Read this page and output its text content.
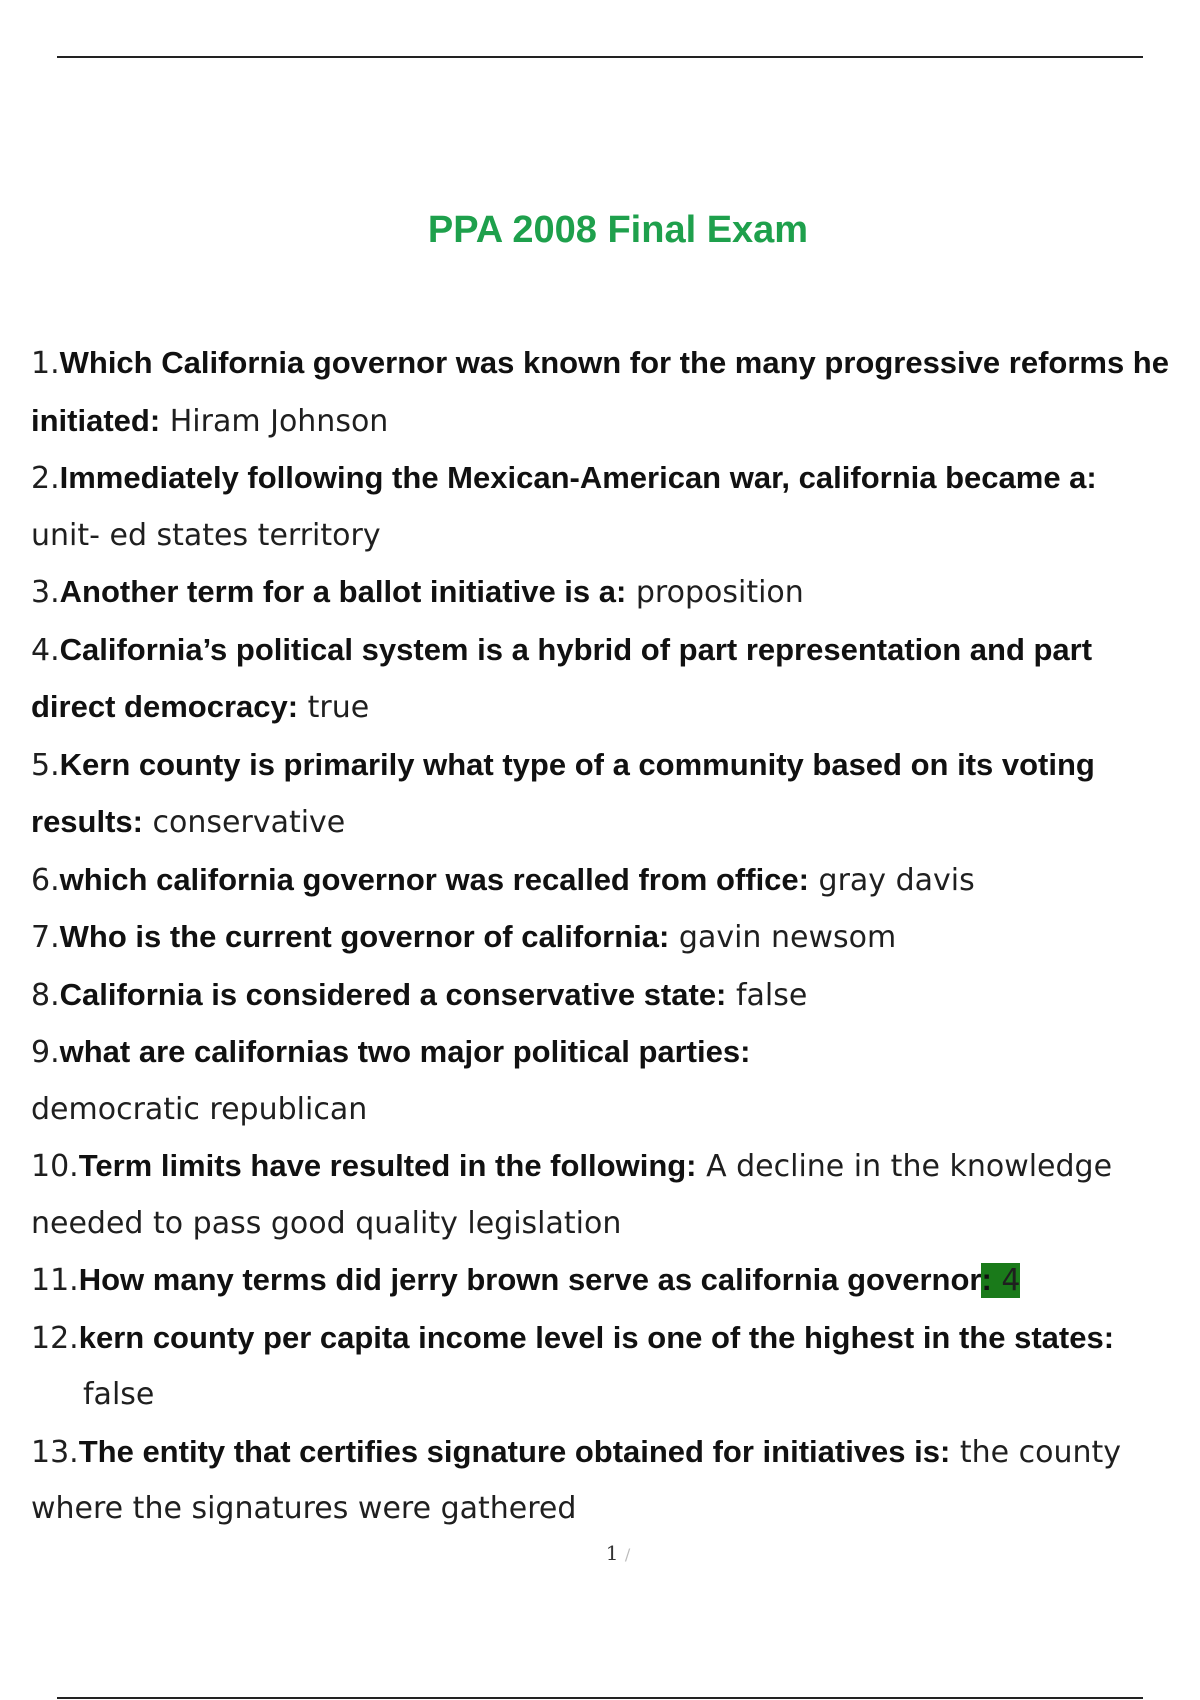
PPA 2008 Final Exam
1.Which California governor was known for the many progressive reforms he initiated: Hiram Johnson
2.Immediately following the Mexican-American war, california became a: unit- ed states territory
3.Another term for a ballot initiative is a: proposition
4.California’s political system is a hybrid of part representation and part direct democracy: true
5.Kern county is primarily what type of a community based on its voting         results: conservative
6.which california governor was recalled from office: gray davis
7.Who is the current governor of california: gavin newsom
8.California is considered a conservative state: false
9.what are californias two major political parties:
democratic republican
10.Term limits have resulted in the following: A decline in the knowledge needed to pass good quality legislation
11.How many terms did jerry brown serve as california governor: 4
12.kern county per capita income level is one of the highest in the states:
false
13.The entity that certifies signature obtained for initiatives is: the county where the signatures were gathered
1 /
